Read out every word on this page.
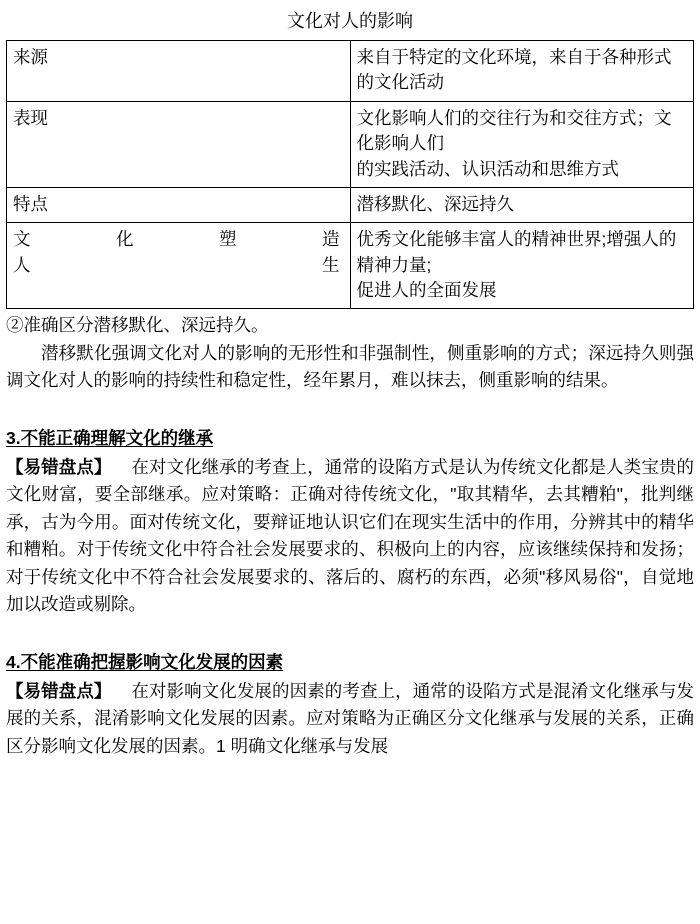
文化对人的影响	
来源	来自于特定的文化环境，来自于各种形式的文化活动

表现	文化影响人们的交往行为和交往方式；文化影响人们
的实践活动、认识活动和思维方式

特点	潜移默化、深远持久

文化塑造
人生	优秀文化能够丰富人的精神世界;增强人的精神力量;
促进人的全面发展

②准确区分潜移默化、深远持久。

潜移默化强调文化对人的影响的无形性和非强制性，侧重影响的方式；深远持久则强调文化对人的影响的持续性和稳定性，经年累月，难以抹去，侧重影响的结果。

3.不能正确理解文化的继承

【易错盘点】 在对文化继承的考查上，通常的设陷方式是认为传统文化都是人类宝贵的文化财富，要全部继承。应对策略：正确对待传统文化，"取其精华，去其糟粕"，批判继承，古为今用。面对传统文化，要辩证地认识它们在现实生活中的作用，分辨其中的精华和糟粕。对于传统文化中符合社会发展要求的、积极向上的内容，应该继续保持和发扬；对于传统文化中不符合社会发展要求的、落后的、腐朽的东西，必须"移风易俗"，自觉地加以改造或剔除。

4.不能准确把握影响文化发展的因素

【易错盘点】 在对影响文化发展的因素的考查上，通常的设陷方式是混淆文化继承与发展的关系，混淆影响文化发展的因素。应对策略为正确区分文化继承与发展的关系，正确区分影响文化发展的因素。1 明确文化继承与发展
